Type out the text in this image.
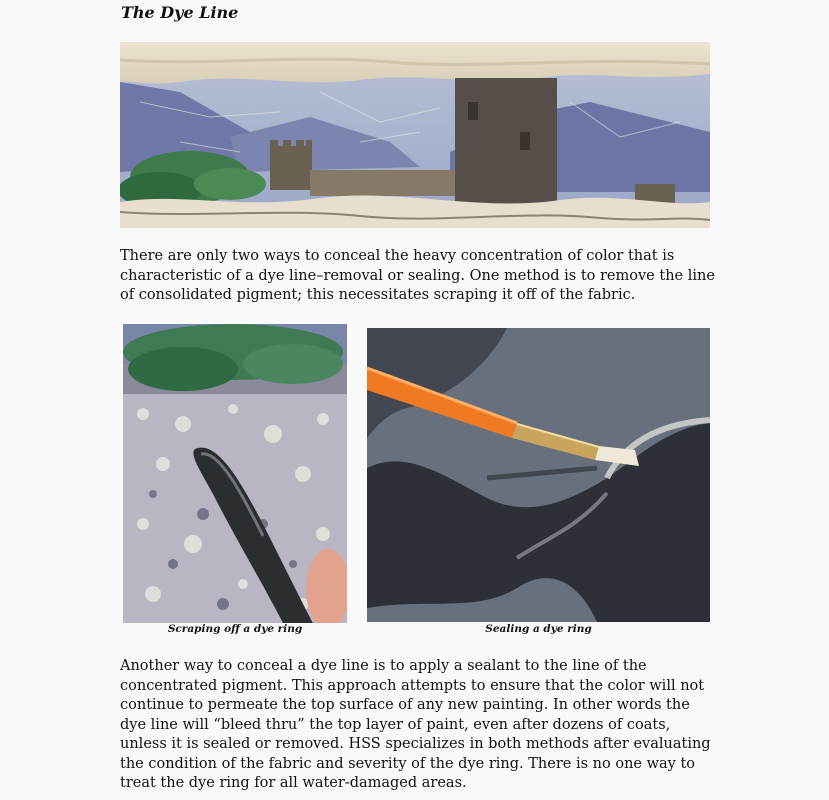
The Dye Line

There are only two ways to conceal the heavy concentration of color that is characteristic of a dye line–removal or sealing. One method is to remove the line of consolidated pigment; this necessitates scraping it off of the fabric.

Scraping off a dye ring	Sealing a dye ring

Another way to conceal a dye line is to apply a sealant to the line of the concentrated pigment. This approach attempts to ensure that the color will not continue to permeate the top surface of any new painting. In other words the dye line will “bleed thru” the top layer of paint, even after dozens of coats, unless it is sealed or removed. HSS specializes in both methods after evaluating the condition of the fabric and severity of the dye ring. There is no one way to treat the dye ring for all water-damaged areas.
